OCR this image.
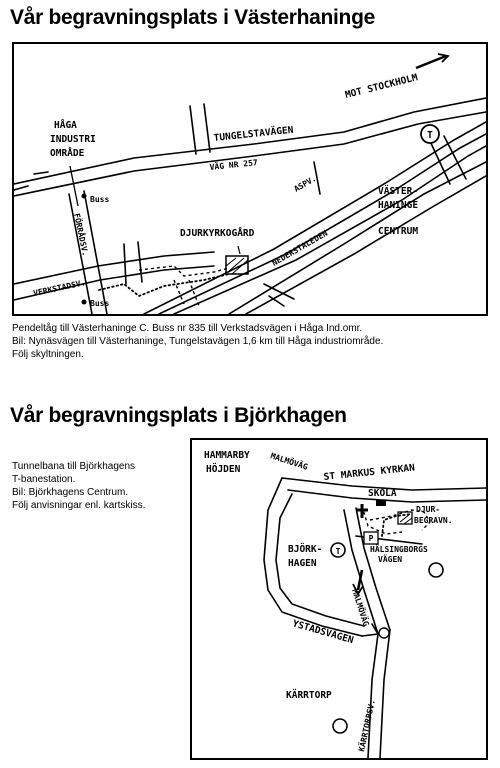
Vår begravningsplats i Västerhaninge
T
HÅGA
INDUSTRI
OMRÅDE
TUNGELSTAVÄGEN
VÄG NR 257
MOT STOCKHOLM
ASPV.	VÄSTER-
HANINGE
CENTRUM
DJURKYRKOGÅRD NEDERSTALEDEN
Buss
Buss
FÖRRÅDSV.
VERKSTADSV.
Pendeltåg till Västerhaninge C. Buss nr 835 till Verkstadsvägen i Håga Ind.omr.
Bil: Nynäsvägen till Västerhaninge, Tungelstavägen 1,6 km till Håga industriområde.
Följ skyltningen.
Vår begravningsplats i Björkhagen
Tunnelbana till Björkhagens
T-banestation.
Bil: Björkhagens Centrum.
Följ anvisningar enl. kartskiss.
P
T
HAMMARBY
HÖJDEN	MALMÖVÄG
ST MARKUS KYRKAN
SKOLA
DJUR-
BEGRAVN.
BJÖRK-
HAGEN
HÄLSINGBORGS
VÄGEN
MALMÖVÄG
YSTADSVÄGEN
KÄRRTORP
KÄRRTORPSV.
